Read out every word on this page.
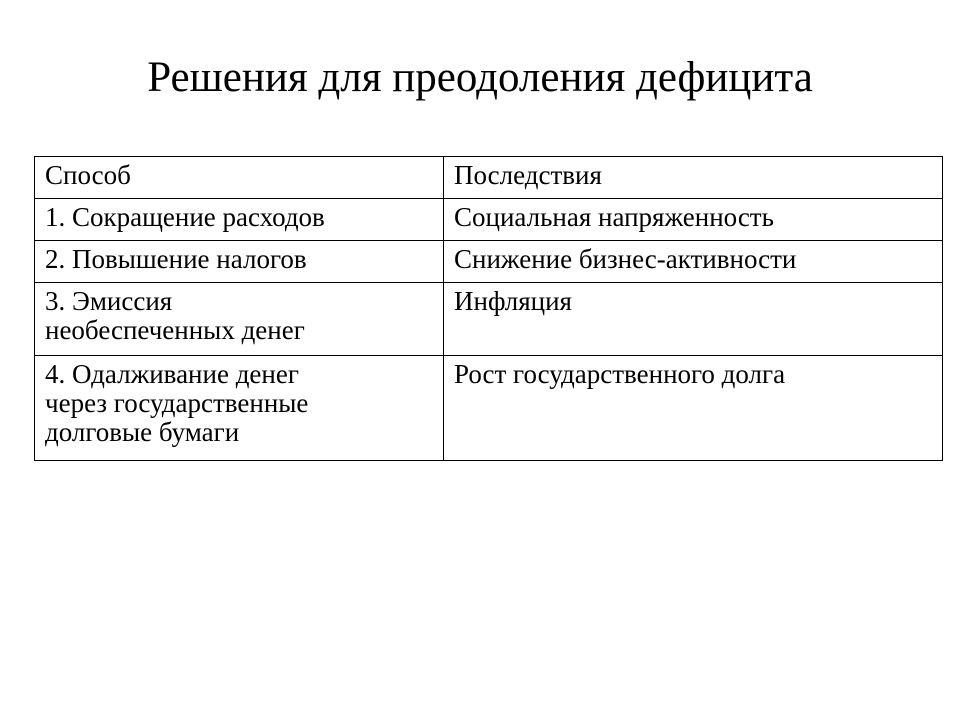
Решения для преодоления дефицита
Способ	Последствия
1. Сокращение расходов	Социальная напряженность
2. Повышение налогов	Снижение бизнес-активности
3. Эмиссия
необеспеченных денег	Инфляция
4. Одалживание денег
через государственные
долговые бумаги	Рост государственного долга
